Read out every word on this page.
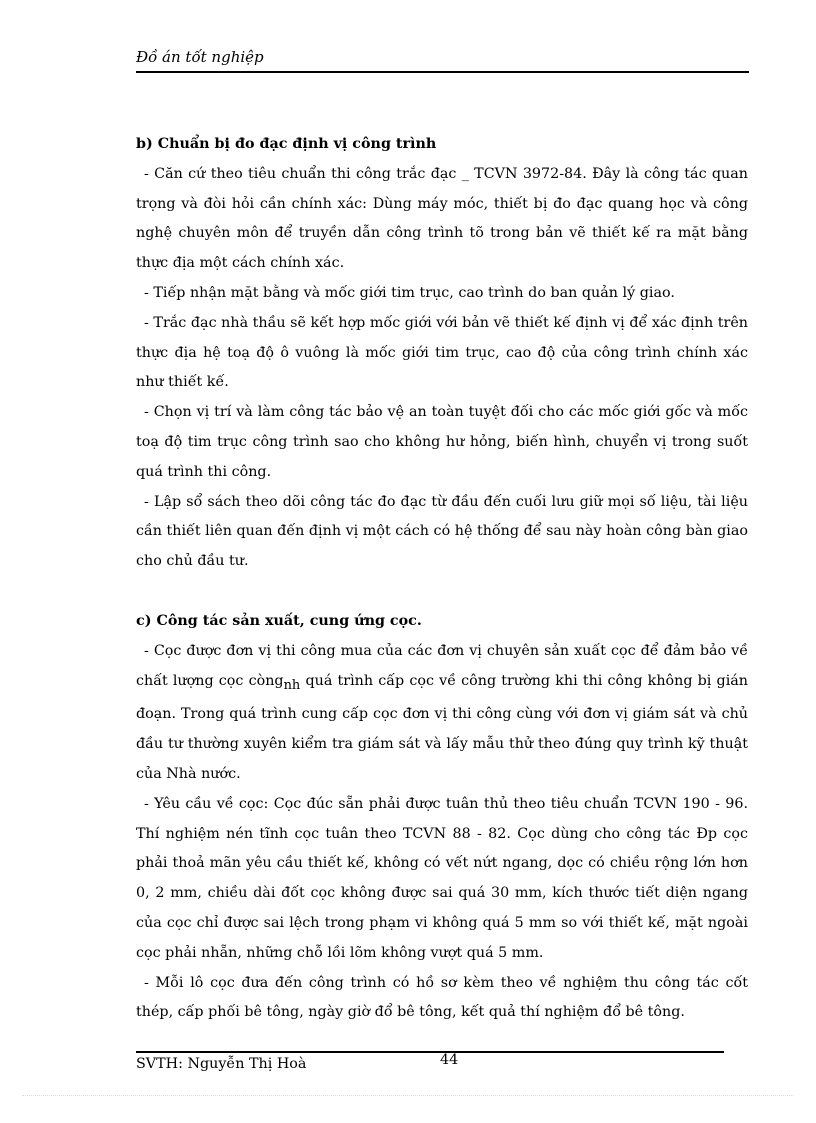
Đồ án tốt nghiệp

b) Chuẩn bị đo đạc định vị công trình

- Căn cứ theo tiêu chuẩn thi công trắc đạc _ TCVN 3972-84. Đây là công tác quan trọng và đòi hỏi cần chính xác: Dùng máy móc, thiết bị đo đạc quang học và công nghệ chuyên môn để truyền dẫn công trình tõ trong bản vẽ thiết kế ra mặt bằng thực địa một cách chính xác.

- Tiếp nhận mặt bằng và mốc giới tim trục, cao trình do ban quản lý giao.

- Trắc đạc nhà thầu sẽ kết hợp mốc giới với bản vẽ thiết kế định vị để xác định trên thực địa hệ toạ độ ô vuông là mốc giới tim trục, cao độ của công trình chính xác như thiết kế.

- Chọn vị trí và làm công tác bảo vệ an toàn tuyệt đối cho các mốc giới gốc và mốc toạ độ tim trục công trình sao cho không hư hỏng, biến hình, chuyển vị trong suốt quá trình thi công.

- Lập sổ sách theo dõi công tác đo đạc từ đầu đến cuối lưu giữ mọi số liệu, tài liệu cần thiết liên quan đến định vị một cách có hệ thống để sau này hoàn công bàn giao cho chủ đầu tư.

c) Công tác sản xuất, cung ứng cọc.

- Cọc được đơn vị thi công mua của các đơn vị chuyên sản xuất cọc để đảm bảo về chất lượng cọc còngnh quá trình cấp cọc về công trường khi thi công không bị gián đoạn. Trong quá trình cung cấp cọc đơn vị thi công cùng với đơn vị giám sát và chủ đầu tư thường xuyên kiểm tra giám sát và lấy mẫu thử theo đúng quy trình kỹ thuật của Nhà nước.

- Yêu cầu về cọc: Cọc đúc sẵn phải được tuân thủ theo tiêu chuẩn TCVN 190 - 96. Thí nghiệm nén tĩnh cọc tuân theo TCVN 88 - 82. Cọc dùng cho công tác Ðp cọc phải thoả mãn yêu cầu thiết kế, không có vết nứt ngang, dọc có chiều rộng lớn hơn 0, 2 mm, chiều dài đốt cọc không được sai quá 30 mm, kích thước tiết diện ngang của cọc chỉ được sai lệch trong phạm vi không quá 5 mm so với thiết kế, mặt ngoài cọc phải nhẵn, những chỗ lồi lõm không vượt quá 5 mm.

- Mỗi lô cọc đưa đến công trình có hồ sơ kèm theo về nghiệm thu công tác cốt thép, cấp phối bê tông, ngày giờ đổ bê tông, kết quả thí nghiệm đổ bê tông.

44
SVTH: Nguyễn Thị Hoà
